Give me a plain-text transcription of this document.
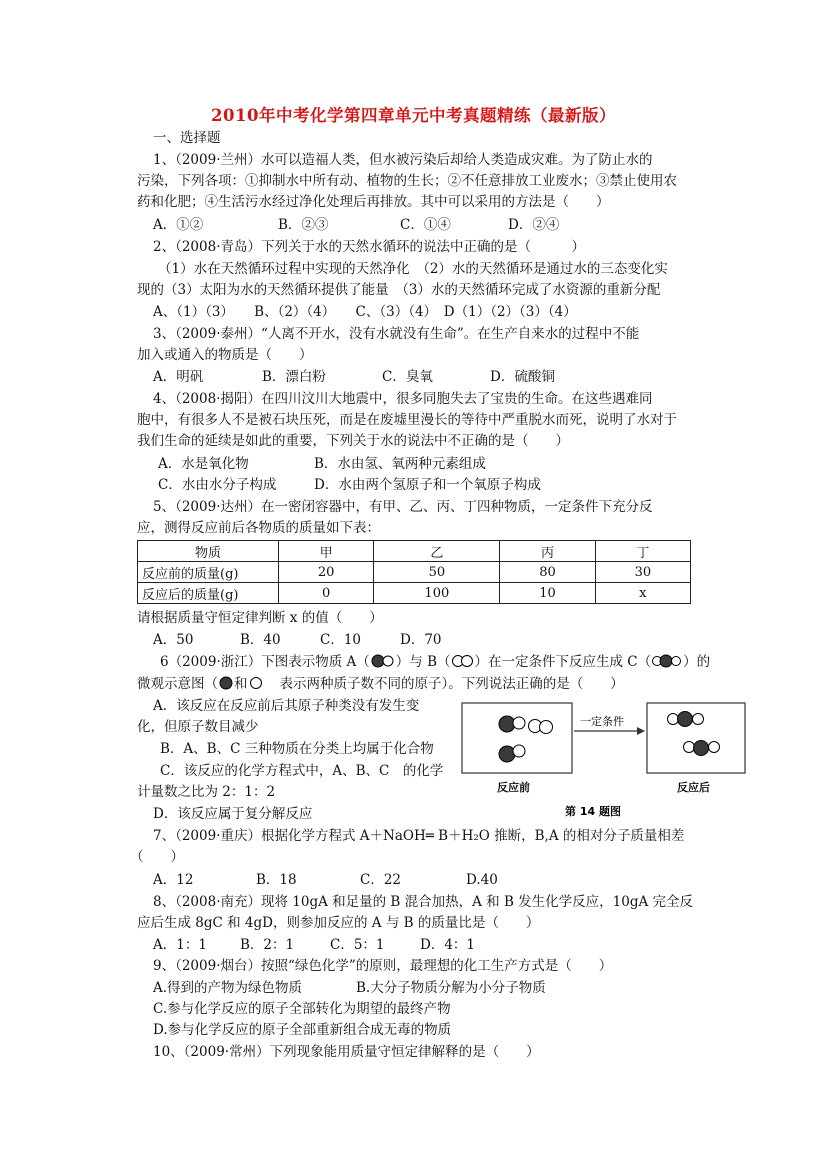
2010年中考化学第四章单元中考真题精练（最新版）
一、选择题
1、（2009·兰州）水可以造福人类，但水被污染后却给人类造成灾难。为了防止水的
污染，下列各项：①抑制水中所有动、植物的生长；②不任意排放工业废水；③禁止使用农
药和化肥；④生活污水经过净化处理后再排放。其中可以采用的方法是（　　）
A．①②	B．②③	C．①④	D．②④
2、（2008·青岛）下列关于水的天然水循环的说法中正确的是（　　　）
（1）水在天然循环过程中实现的天然净化　（2）水的天然循环是通过水的三态变化实
现的（3）太阳为水的天然循环提供了能量　（3）水的天然循环完成了水资源的重新分配
A、（1）（3）　　B、（2）（4）　　C、（3）（4）　D（1）（2）（3）（4）
3、（2009·泰州）“人离不开水，没有水就没有生命”。在生产自来水的过程中不能
加入或通入的物质是（　　）
A．明矾	B．漂白粉	C．臭氧	D．硫酸铜
4、（2008·揭阳）在四川汶川大地震中，很多同胞失去了宝贵的生命。在这些遇难同
胞中，有很多人不是被石块压死，而是在废墟里漫长的等待中严重脱水而死，说明了水对于
我们生命的延续是如此的重要，下列关于水的说法中不正确的是（　　）
A．水是氧化物	B．水由氢、氧两种元素组成
C．水由水分子构成	D．水由两个氢原子和一个氧原子构成
5、（2009·达州）在一密闭容器中，有甲、乙、丙、丁四种物质，一定条件下充分反
应，测得反应前后各物质的质量如下表：
物质	甲	乙	丙	丁
反应前的质量(g)	20	50	80	30
反应后的质量(g)	0	100	10	x
请根据质量守恒定律判断 x 的值（　　）
A．50	B．40	C．10	D．70
6（2009·浙江）下图表示物质 A（ ）与 B（ ）在一定条件下反应生成 C（ ）的
微观示意图（ 和 表示两种质子数不同的原子）。下列说法正确的是（　　）
A．该反应在反应前后其原子种类没有发生变
化，但原子数目减少
B．A、B、C 三种物质在分类上均属于化合物
C．该反应的化学方程式中，A、B、C　的化学
计量数之比为 2：1：2
D．该反应属于复分解反应
一定条件
反应前
第 14 题图
反应后
7、（2009·重庆）根据化学方程式 A＋NaOH═ B＋H₂O 推断，B,A 的相对分子质量相差
（　　）
A．12	B．18	C．22	D.40
8、（2008·南充）现将 10gA 和足量的 B 混合加热，A 和 B 发生化学反应，10gA 完全反
应后生成 8gC 和 4gD，则参加反应的 A 与 B 的质量比是（　　）
A．1：1 B．2：1	C．5：1	D．4：1
9、（2009·烟台）按照“绿色化学”的原则，最理想的化工生产方式是（　　）
A.得到的产物为绿色物质	B.大分子物质分解为小分子物质
C.参与化学反应的原子全部转化为期望的最终产物
D.参与化学反应的原子全部重新组合成无毒的物质
10、（2009·常州）下列现象能用质量守恒定律解释的是（　　）
